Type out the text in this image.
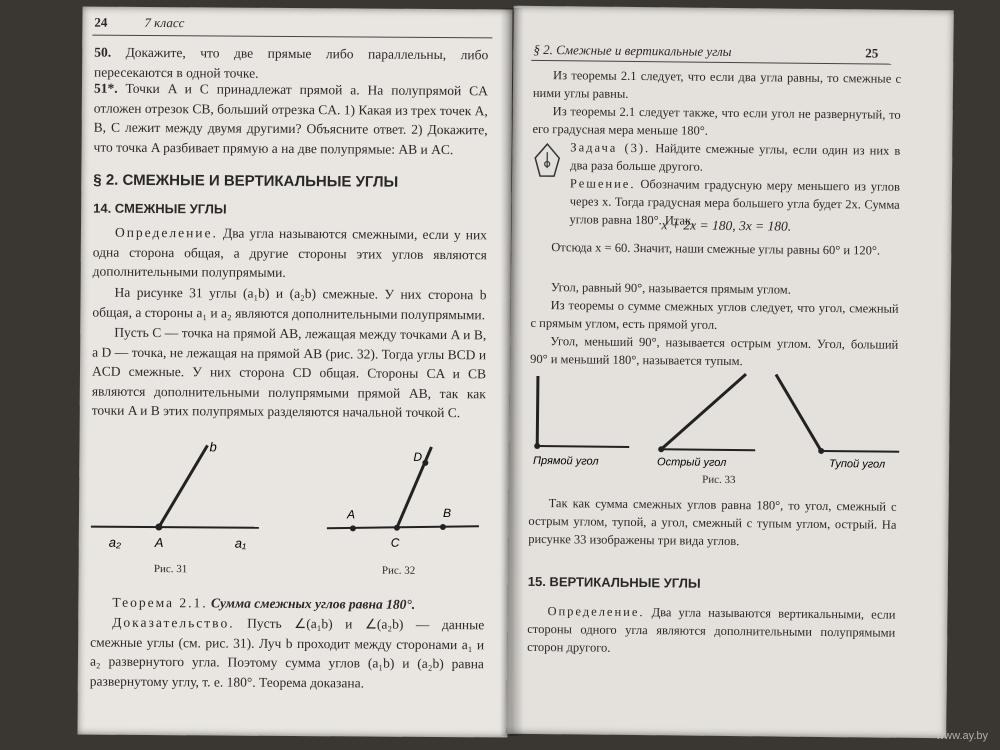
24	7 класс
50. Докажите, что две прямые либо параллельны, либо пересекаются в одной точке.
51*. Точки A и C принадлежат прямой a. На полупрямой CA отложен отрезок CB, больший отрезка CA. 1) Какая из трех точек A, B, C лежит между двумя другими? Объясните ответ. 2) Докажите, что точка A разбивает прямую a на две полупрямые: AB и AC.
§ 2. СМЕЖНЫЕ И ВЕРТИКАЛЬНЫЕ УГЛЫ
14. СМЕЖНЫЕ УГЛЫ
Определение. Два угла называются смежными, если у них одна сторона общая, а другие стороны этих углов являются дополнительными полупрямыми.
На рисунке 31 углы (a₁b) и (a₂b) смежные. У них сторона b общая, а стороны a₁ и a₂ являются дополнительными полупрямыми.
Пусть C — точка на прямой AB, лежащая между точками A и B, а D — точка, не лежащая на прямой AB (рис. 32). Тогда углы BCD и ACD смежные. У них сторона CD общая. Стороны CA и CB являются дополнительными полупрямыми прямой AB, так как точки A и B этих полупрямых разделяются начальной точкой C.
b
a₂	A	a₁
D
A
C
B
Рис. 31	Рис. 32
Теорема 2.1. Сумма смежных углов равна 180°.
Доказательство. Пусть ∠(a₁b) и ∠(a₂b) — данные смежные углы (см. рис. 31). Луч b проходит между сторонами a₁ и a₂ развернутого угла. Поэтому сумма углов (a₁b) и (a₂b) равна развернутому углу, т. е. 180°. Теорема доказана.
§ 2. Смежные и вертикальные углы	25
Из теоремы 2.1 следует, что если два угла равны, то смежные с ними углы равны.
Из теоремы 2.1 следует также, что если угол не развернутый, то его градусная мера меньше 180°.
Задача (3). Найдите смежные углы, если один из них в два раза больше другого.
Решение. Обозначим градусную меру меньшего из углов через x. Тогда градусная мера большего угла будет 2x. Сумма углов равна 180°. Итак,
x + 2x = 180, 3x = 180.
Отсюда x = 60. Значит, наши смежные углы равны 60° и 120°.
Угол, равный 90°, называется прямым углом.
Из теоремы о сумме смежных углов следует, что угол, смежный с прямым углом, есть прямой угол.
Угол, меньший 90°, называется острым углом. Угол, больший 90° и меньший 180°, называется тупым.
Прямой угол	Острый угол	Тупой угол
Рис. 33
Так как сумма смежных углов равна 180°, то угол, смежный с острым углом, тупой, а угол, смежный с тупым углом, острый. На рисунке 33 изображены три вида углов.
15. ВЕРТИКАЛЬНЫЕ УГЛЫ
Определение. Два угла называются вертикальными, если стороны одного угла являются дополнительными полупрямыми сторон другого.
www.ay.by
